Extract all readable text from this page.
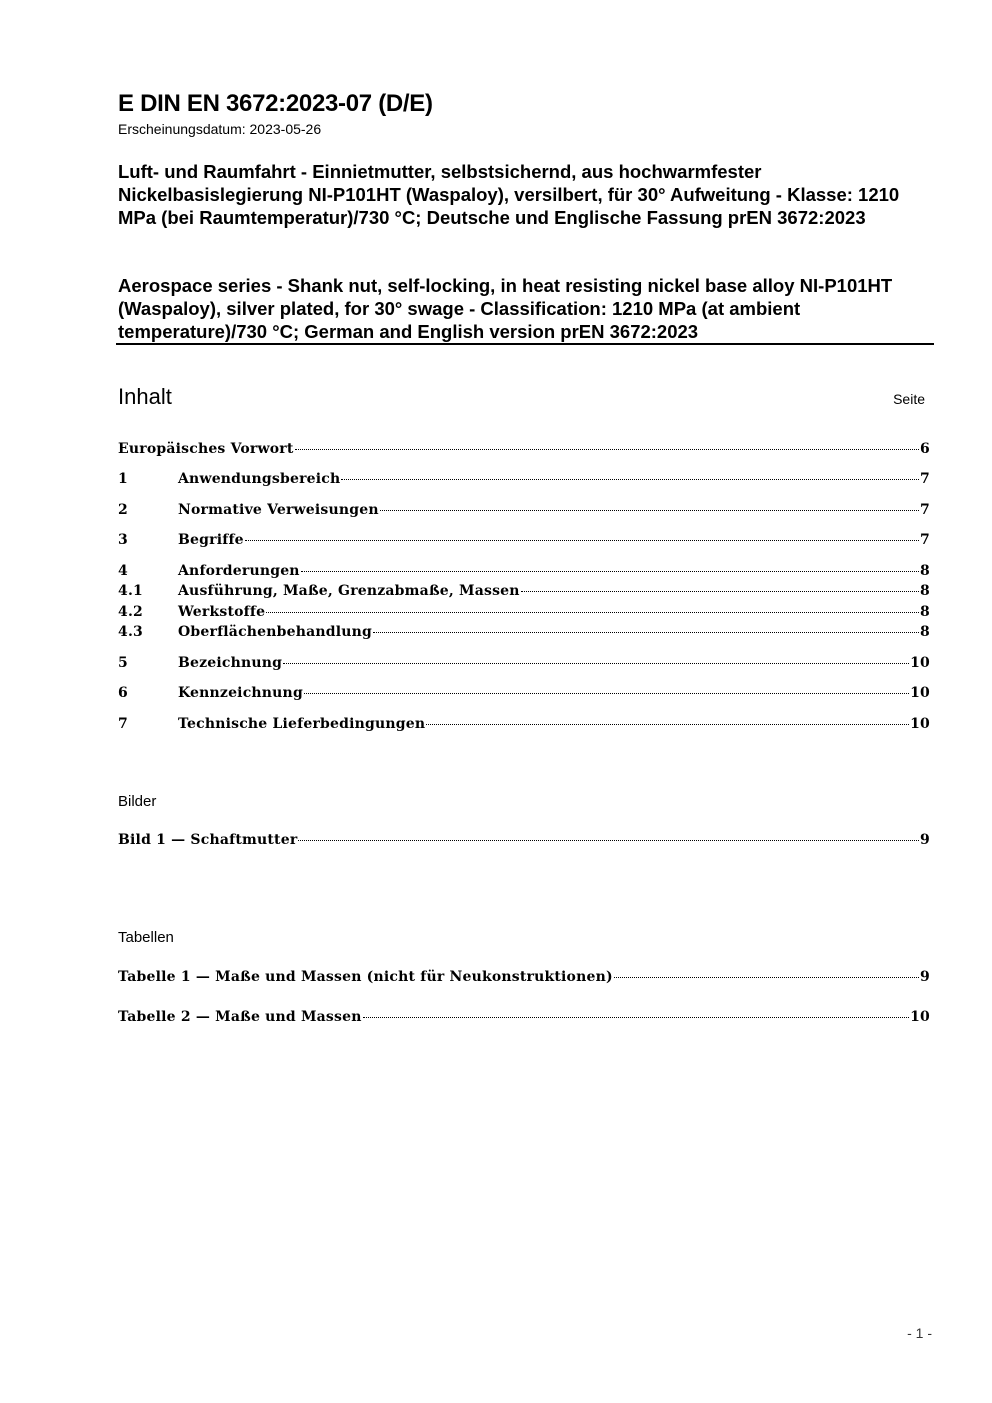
E DIN EN 3672:2023-07 (D/E)
Erscheinungsdatum: 2023-05-26
Luft- und Raumfahrt - Einnietmutter, selbstsichernd, aus hochwarmfester Nickelbasislegierung NI-P101HT (Waspaloy), versilbert, für 30° Aufweitung - Klasse: 1210 MPa (bei Raumtemperatur)/730 °C; Deutsche und Englische Fassung prEN 3672:2023
Aerospace series - Shank nut, self-locking, in heat resisting nickel base alloy NI-P101HT (Waspaloy), silver plated, for 30° swage - Classification: 1210 MPa (at ambient temperature)/730 °C; German and English version prEN 3672:2023
Inhalt	Seite
Europäisches Vorwort	6
1	Anwendungsbereich	7
2	Normative Verweisungen	7
3	Begriffe	7
4	Anforderungen	8
4.1	Ausführung, Maße, Grenzabmaße, Massen	8
4.2	Werkstoffe	8
4.3	Oberflächenbehandlung	8
5	Bezeichnung	10
6	Kennzeichnung	10
7	Technische Lieferbedingungen	10
Bilder
Bild 1 — Schaftmutter	9
Tabellen
Tabelle 1 — Maße und Massen (nicht für Neukonstruktionen)	9
Tabelle 2 — Maße und Massen	10
- 1 -
